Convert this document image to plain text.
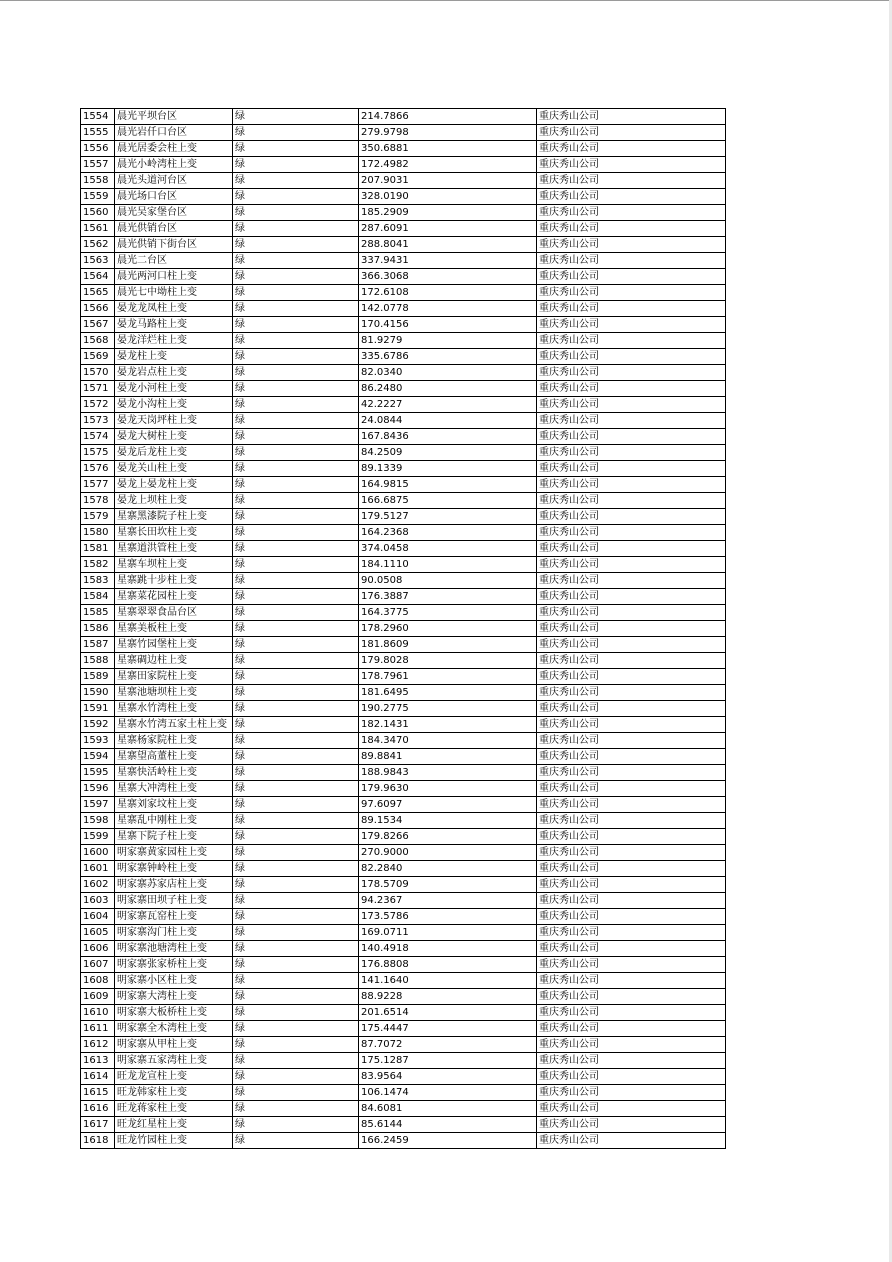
1554	晨光平坝台区	绿	214.7866	重庆秀山公司
1555	晨光岩仟口台区	绿	279.9798	重庆秀山公司
1556	晨光居委会柱上变	绿	350.6881	重庆秀山公司
1557	晨光小岭湾柱上变	绿	172.4982	重庆秀山公司
1558	晨光头道河台区	绿	207.9031	重庆秀山公司
1559	晨光场口台区	绿	328.0190	重庆秀山公司
1560	晨光吴家堡台区	绿	185.2909	重庆秀山公司
1561	晨光供销台区	绿	287.6091	重庆秀山公司
1562	晨光供销下街台区	绿	288.8041	重庆秀山公司
1563	晨光二台区	绿	337.9431	重庆秀山公司
1564	晨光两河口柱上变	绿	366.3068	重庆秀山公司
1565	晨光七中坳柱上变	绿	172.6108	重庆秀山公司
1566	晏龙龙凤柱上变	绿	142.0778	重庆秀山公司
1567	晏龙马路柱上变	绿	170.4156	重庆秀山公司
1568	晏龙洋烂柱上变	绿	81.9279	重庆秀山公司
1569	晏龙柱上变	绿	335.6786	重庆秀山公司
1570	晏龙岩点柱上变	绿	82.0340	重庆秀山公司
1571	晏龙小河柱上变	绿	86.2480	重庆秀山公司
1572	晏龙小沟柱上变	绿	42.2227	重庆秀山公司
1573	晏龙天岗坪柱上变	绿	24.0844	重庆秀山公司
1574	晏龙大树柱上变	绿	167.8436	重庆秀山公司
1575	晏龙后龙柱上变	绿	84.2509	重庆秀山公司
1576	晏龙关山柱上变	绿	89.1339	重庆秀山公司
1577	晏龙上晏龙柱上变	绿	164.9815	重庆秀山公司
1578	晏龙上坝柱上变	绿	166.6875	重庆秀山公司
1579	星寨黑漆院子柱上变	绿	179.5127	重庆秀山公司
1580	星寨长田坎柱上变	绿	164.2368	重庆秀山公司
1581	星寨道洪管柱上变	绿	374.0458	重庆秀山公司
1582	星寨车坝柱上变	绿	184.1110	重庆秀山公司
1583	星寨跳十步柱上变	绿	90.0508	重庆秀山公司
1584	星寨菜花园柱上变	绿	176.3887	重庆秀山公司
1585	星寨翠翠食品台区	绿	164.3775	重庆秀山公司
1586	星寨美板柱上变	绿	178.2960	重庆秀山公司
1587	星寨竹园堡柱上变	绿	181.8609	重庆秀山公司
1588	星寨碉边柱上变	绿	179.8028	重庆秀山公司
1589	星寨田家院柱上变	绿	178.7961	重庆秀山公司
1590	星寨池塘坝柱上变	绿	181.6495	重庆秀山公司
1591	星寨水竹湾柱上变	绿	190.2775	重庆秀山公司
1592	星寨水竹湾五家土柱上变	绿	182.1431	重庆秀山公司
1593	星寨杨家院柱上变	绿	184.3470	重庆秀山公司
1594	星寨望高董柱上变	绿	89.8841	重庆秀山公司
1595	星寨快活岭柱上变	绿	188.9843	重庆秀山公司
1596	星寨大冲湾柱上变	绿	179.9630	重庆秀山公司
1597	星寨刘家坟柱上变	绿	97.6097	重庆秀山公司
1598	星寨乱中刚柱上变	绿	89.1534	重庆秀山公司
1599	星寨下院子柱上变	绿	179.8266	重庆秀山公司
1600	明家寨黄家园柱上变	绿	270.9000	重庆秀山公司
1601	明家寨钟岭柱上变	绿	82.2840	重庆秀山公司
1602	明家寨苏家店柱上变	绿	178.5709	重庆秀山公司
1603	明家寨田坝子柱上变	绿	94.2367	重庆秀山公司
1604	明家寨瓦窑柱上变	绿	173.5786	重庆秀山公司
1605	明家寨沟门柱上变	绿	169.0711	重庆秀山公司
1606	明家寨池塘湾柱上变	绿	140.4918	重庆秀山公司
1607	明家寨张家桥柱上变	绿	176.8808	重庆秀山公司
1608	明家寨小区柱上变	绿	141.1640	重庆秀山公司
1609	明家寨大湾柱上变	绿	88.9228	重庆秀山公司
1610	明家寨大板桥柱上变	绿	201.6514	重庆秀山公司
1611	明家寨全木湾柱上变	绿	175.4447	重庆秀山公司
1612	明家寨从甲柱上变	绿	87.7072	重庆秀山公司
1613	明家寨五家湾柱上变	绿	175.1287	重庆秀山公司
1614	旺龙龙宣柱上变	绿	83.9564	重庆秀山公司
1615	旺龙韩家柱上变	绿	106.1474	重庆秀山公司
1616	旺龙蒋家柱上变	绿	84.6081	重庆秀山公司
1617	旺龙红星柱上变	绿	85.6144	重庆秀山公司
1618	旺龙竹园柱上变	绿	166.2459	重庆秀山公司
